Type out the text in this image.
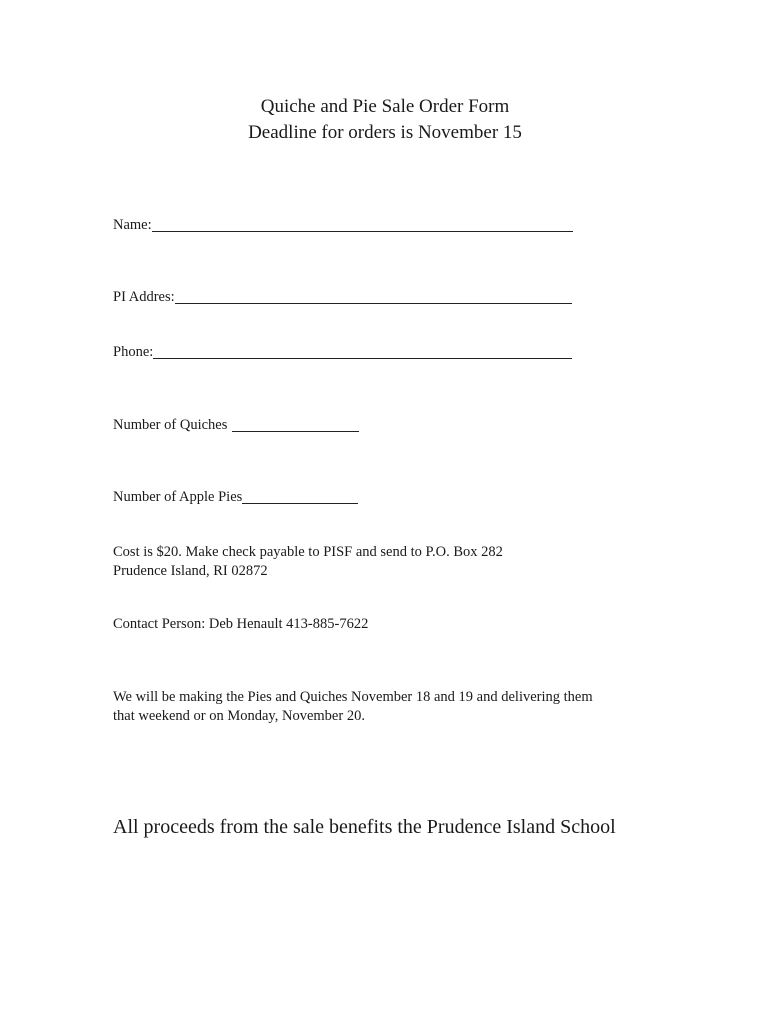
Quiche and Pie Sale Order Form
Deadline for orders is November 15
Name:
PI Addres:
Phone:
Number of Quiches
Number of Apple Pies
Cost is $20. Make check payable to PISF and send to P.O. Box 282
Prudence Island, RI 02872
Contact Person: Deb Henault 413-885-7622
We will be making the Pies and Quiches November 18 and 19 and delivering them
that weekend or on Monday, November 20.
All proceeds from the sale benefits the Prudence Island School
